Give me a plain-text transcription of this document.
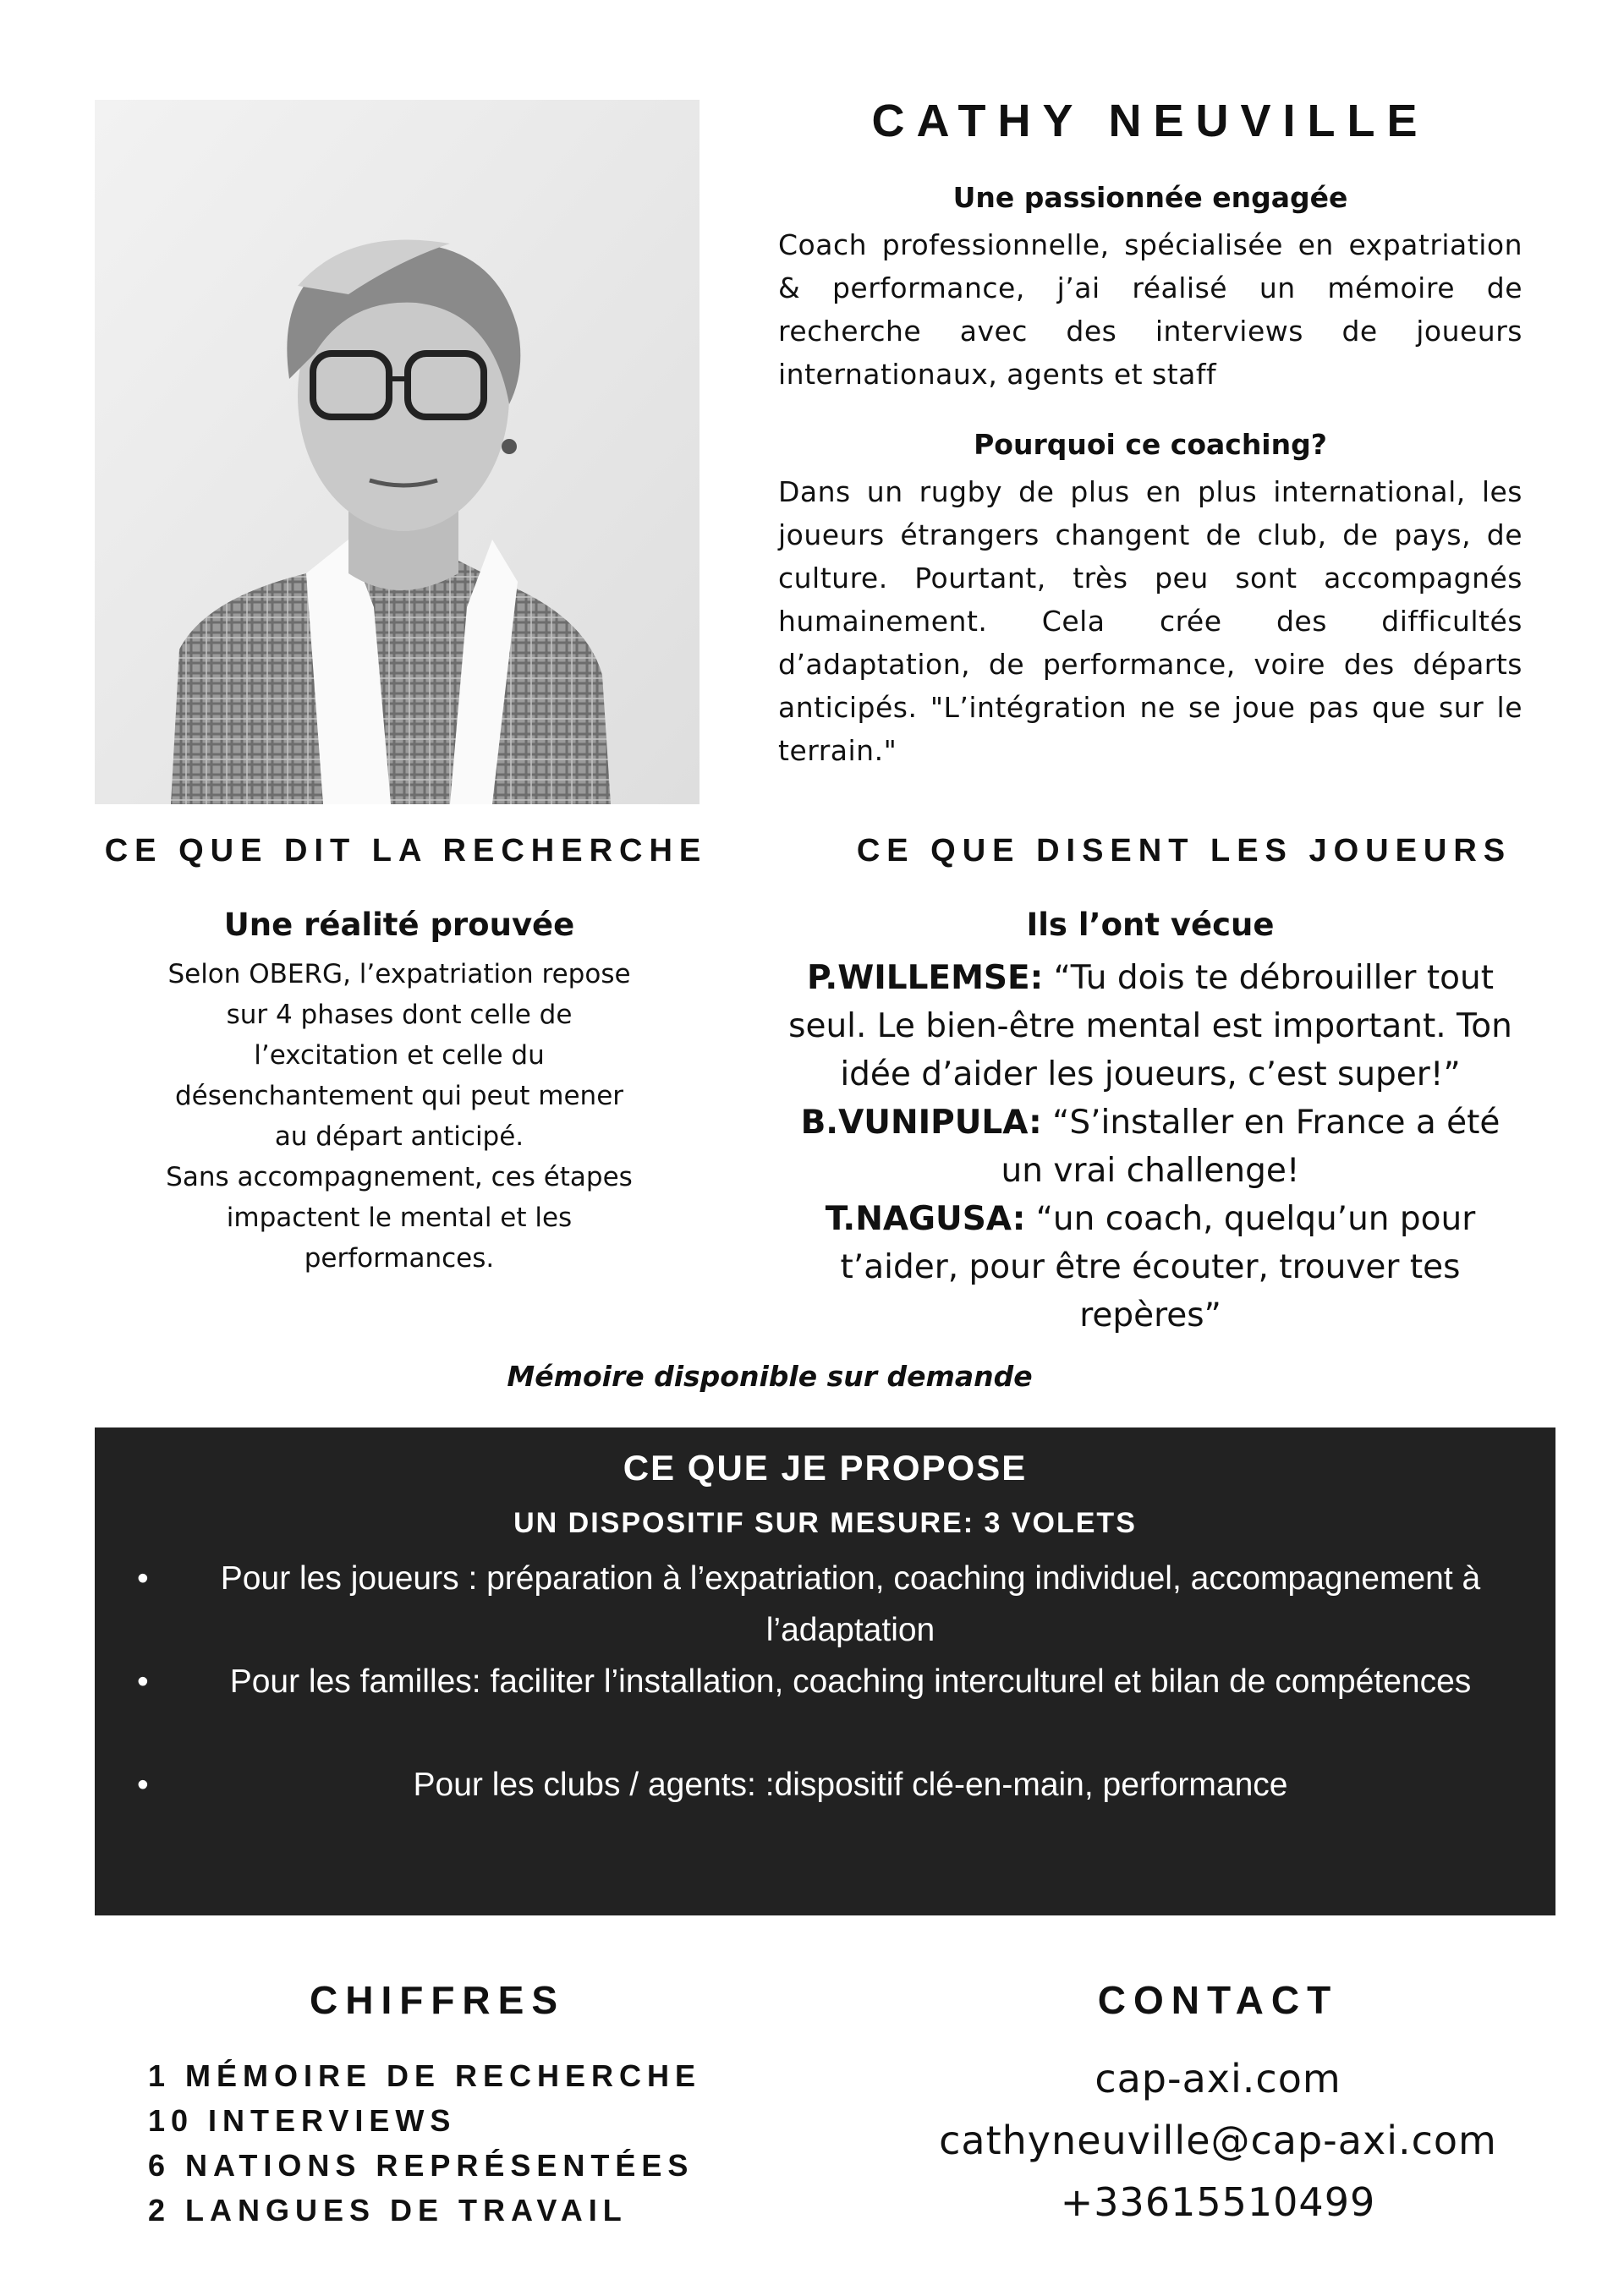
CATHY NEUVILLE
Une passionnée engagée
Coach professionnelle, spécialisée en expatriation & performance, j’ai réalisé un mémoire de recherche avec des interviews de joueurs internationaux, agents et staff
Pourquoi ce coaching?
Dans un rugby de plus en plus international, les joueurs étrangers changent de club, de pays, de culture. Pourtant, très peu sont accompagnés humainement. Cela crée des difficultés d’adaptation, de performance, voire des départs anticipés. "L’intégration ne se joue pas que sur le terrain."
CE QUE DIT LA RECHERCHE
Une réalité prouvée
Selon OBERG, l’expatriation repose
sur 4 phases dont celle de
l’excitation et celle du
désenchantement qui peut mener
au départ anticipé.
Sans accompagnement, ces étapes
impactent le mental et les
performances.
CE QUE DISENT LES JOUEURS
Ils l’ont vécue
P.WILLEMSE: “Tu dois te débrouiller tout seul. Le bien-être mental est important. Ton idée d’aider les joueurs, c’est super!”
B.VUNIPULA: “S’installer en France a été un vrai challenge!
T.NAGUSA: “un coach, quelqu’un pour t’aider, pour être écouter, trouver tes repères”
Mémoire disponible sur demande
CE QUE JE PROPOSE
UN DISPOSITIF SUR MESURE: 3 VOLETS
• Pour les joueurs : préparation à l’expatriation, coaching individuel, accompagnement à l’adaptation
• Pour les familles: faciliter l’installation, coaching interculturel et bilan de compétences
•	Pour les clubs / agents: :dispositif clé-en-main, performance
CHIFFRES
1 MÉMOIRE DE RECHERCHE
10 INTERVIEWS
6 NATIONS REPRÉSENTÉES
2 LANGUES DE TRAVAIL
CONTACT
cap-axi.com
cathyneuville@cap-axi.com
+33615510499
